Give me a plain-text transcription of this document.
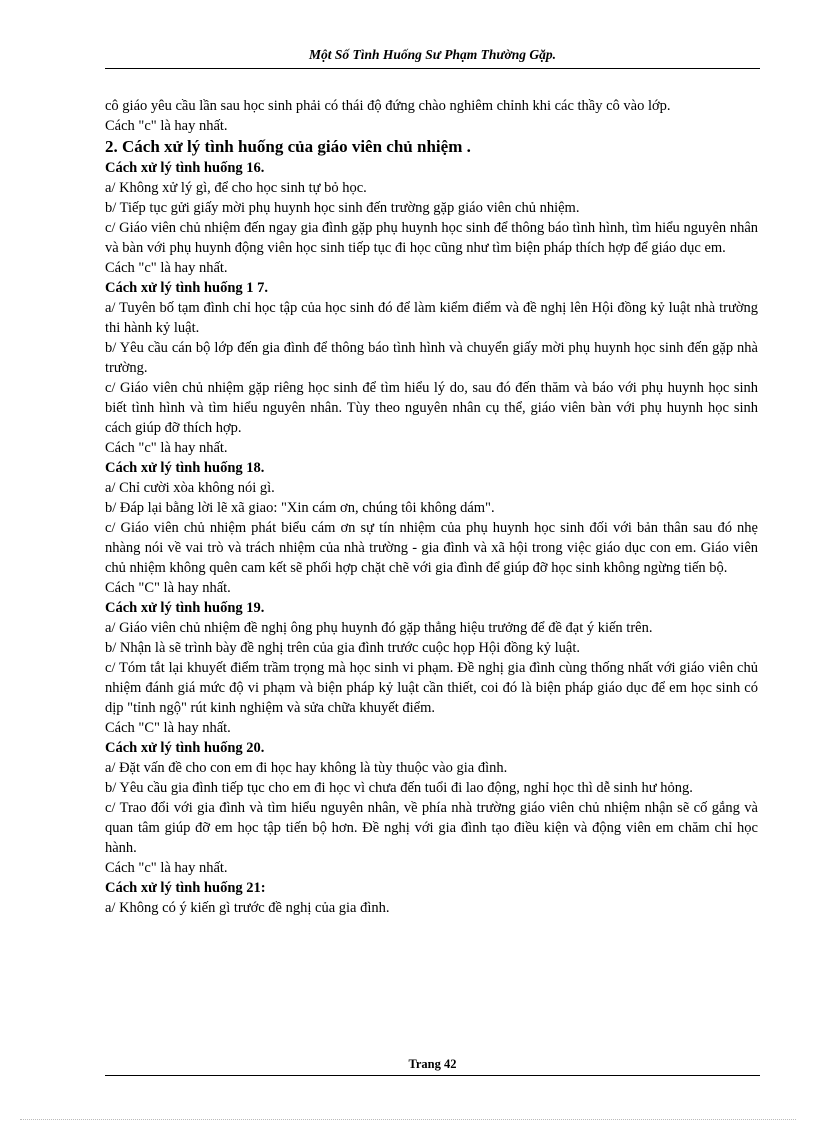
Một Số Tình Huống Sư Phạm Thường Gặp.

cô giáo yêu cầu lần sau học sinh phải có thái độ đứng chào nghiêm chỉnh khi các thầy cô vào lớp.

Cách "c" là hay nhất.

2. Cách xử lý tình huống của giáo viên chủ nhiệm .

Cách xử lý tình huống 16.

a/ Không xử lý gì, để cho học sinh tự bỏ học.

b/ Tiếp tục gửi giấy mời phụ huynh học sinh đến trường gặp giáo viên chủ nhiệm.

c/ Giáo viên chủ nhiệm đến ngay gia đình gặp phụ huynh học sinh để thông báo tình hình, tìm hiểu nguyên nhân và bàn với phụ huynh động viên học sinh tiếp tục đi học cũng như tìm biện pháp thích hợp để giáo dục em.

Cách "c" là hay nhất.

Cách xử lý tình huống 1 7.

a/ Tuyên bố tạm đình chỉ học tập của học sinh đó để làm kiểm điểm và đề nghị lên Hội đồng kỷ luật nhà trường thi hành kỷ luật.

b/ Yêu cầu cán bộ lớp đến gia đình để thông báo tình hình và chuyển giấy mời phụ huynh học sinh đến gặp nhà trường.

c/ Giáo viên chủ nhiệm gặp riêng học sinh để tìm hiểu lý do, sau đó đến thăm và báo với phụ huynh học sinh biết tình hình và tìm hiểu nguyên nhân. Tùy theo nguyên nhân cụ thể, giáo viên bàn với phụ huynh học sinh cách giúp đỡ thích hợp.

Cách "c" là hay nhất.

Cách xử lý tình huống 18.

a/ Chỉ cười xòa không nói gì.

b/ Đáp lại bằng lời lẽ xã giao: "Xin cám ơn, chúng tôi không dám".

c/ Giáo viên chủ nhiệm phát biểu cám ơn sự tín nhiệm của phụ huynh học sinh đối với bản thân sau đó nhẹ nhàng nói về vai trò và trách nhiệm của nhà trường - gia đình và xã hội trong việc giáo dục con em. Giáo viên chủ nhiệm không quên cam kết sẽ phối hợp chặt chẽ với gia đình để giúp đỡ học sinh không ngừng tiến bộ.

Cách "C" là hay nhất.

Cách xử lý tình huống 19.

a/ Giáo viên chủ nhiệm đề nghị ông phụ huynh đó gặp thẳng hiệu trưởng để đề đạt ý kiến trên.

b/ Nhận là sẽ trình bày đề nghị trên của gia đình trước cuộc họp Hội đồng kỷ luật.

c/ Tóm tắt lại khuyết điểm trầm trọng mà học sinh vi phạm. Đề nghị gia đình cùng thống nhất với giáo viên chủ nhiệm đánh giá mức độ vi phạm và biện pháp kỷ luật cần thiết, coi đó là biện pháp giáo dục để em học sinh có dịp "tỉnh ngộ" rút kinh nghiệm và sửa chữa khuyết điểm.

Cách "C" là hay nhất.

Cách xử lý tình huống 20.

a/ Đặt vấn đề cho con em đi học hay không là tùy thuộc vào gia đình.

b/ Yêu cầu gia đình tiếp tục cho em đi học vì chưa đến tuổi đi lao động, nghỉ học thì dễ sinh hư hỏng.

c/ Trao đổi với gia đình và tìm hiểu nguyên nhân, về phía nhà trường giáo viên chủ nhiệm nhận sẽ cố gắng và quan tâm giúp đỡ em học tập tiến bộ hơn. Đề nghị với gia đình tạo điều kiện và động viên em chăm chỉ học hành.

Cách "c" là hay nhất.

Cách xử lý tình huống 21:

a/ Không có ý kiến gì trước đề nghị của gia đình.

Trang 42
